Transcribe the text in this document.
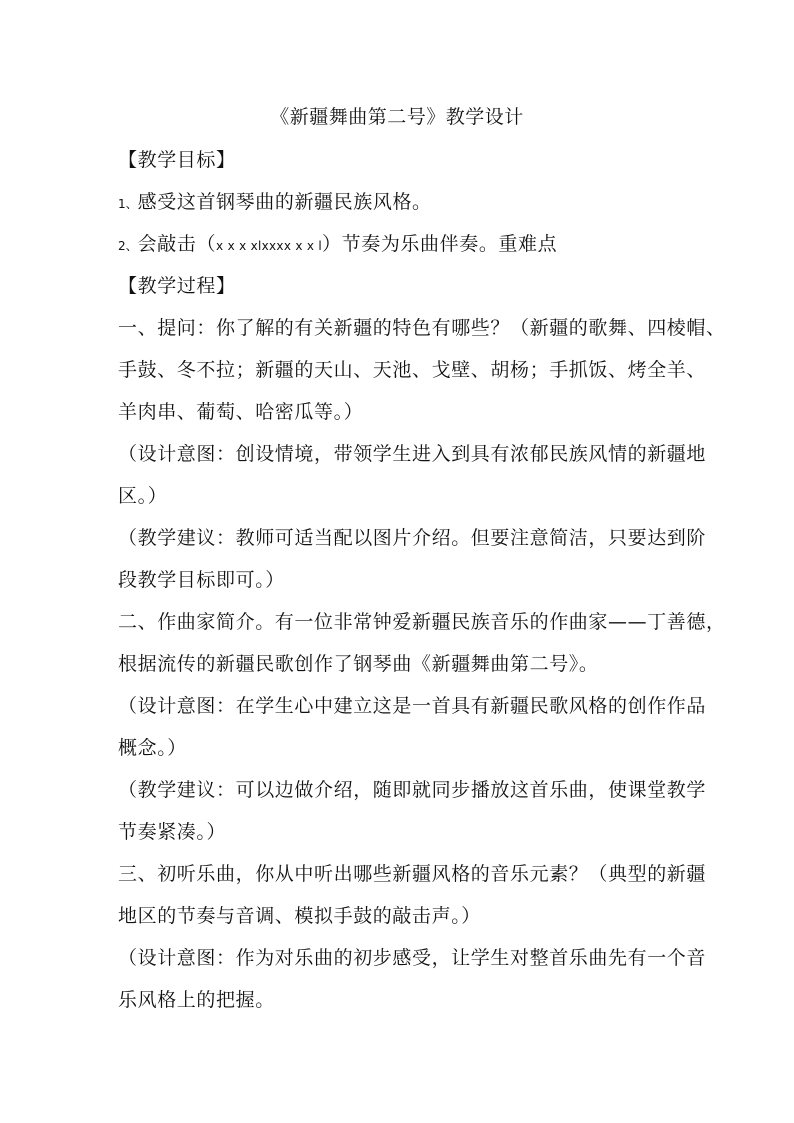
《新疆舞曲第二号》教学设计
【教学目标】
1、感受这首钢琴曲的新疆民族风格。
2、会敲击（x x x xlxxxx x x l）节奏为乐曲伴奏。重难点
【教学过程】
一、提问：你了解的有关新疆的特色有哪些？（新疆的歌舞、四棱帽、
手鼓、冬不拉；新疆的天山、天池、戈壁、胡杨；手抓饭、烤全羊、
羊肉串、葡萄、哈密瓜等。）
（设计意图：创设情境，带领学生进入到具有浓郁民族风情的新疆地
区。）
（教学建议：教师可适当配以图片介绍。但要注意简洁，只要达到阶
段教学目标即可。）
二、作曲家简介。有一位非常钟爱新疆民族音乐的作曲家——丁善德，
根据流传的新疆民歌创作了钢琴曲《新疆舞曲第二号》。
（设计意图：在学生心中建立这是一首具有新疆民歌风格的创作作品
概念。）
（教学建议：可以边做介绍，随即就同步播放这首乐曲，使课堂教学
节奏紧凑。）
三、初听乐曲，你从中听出哪些新疆风格的音乐元素？（典型的新疆
地区的节奏与音调、模拟手鼓的敲击声。）
（设计意图：作为对乐曲的初步感受，让学生对整首乐曲先有一个音
乐风格上的把握。
